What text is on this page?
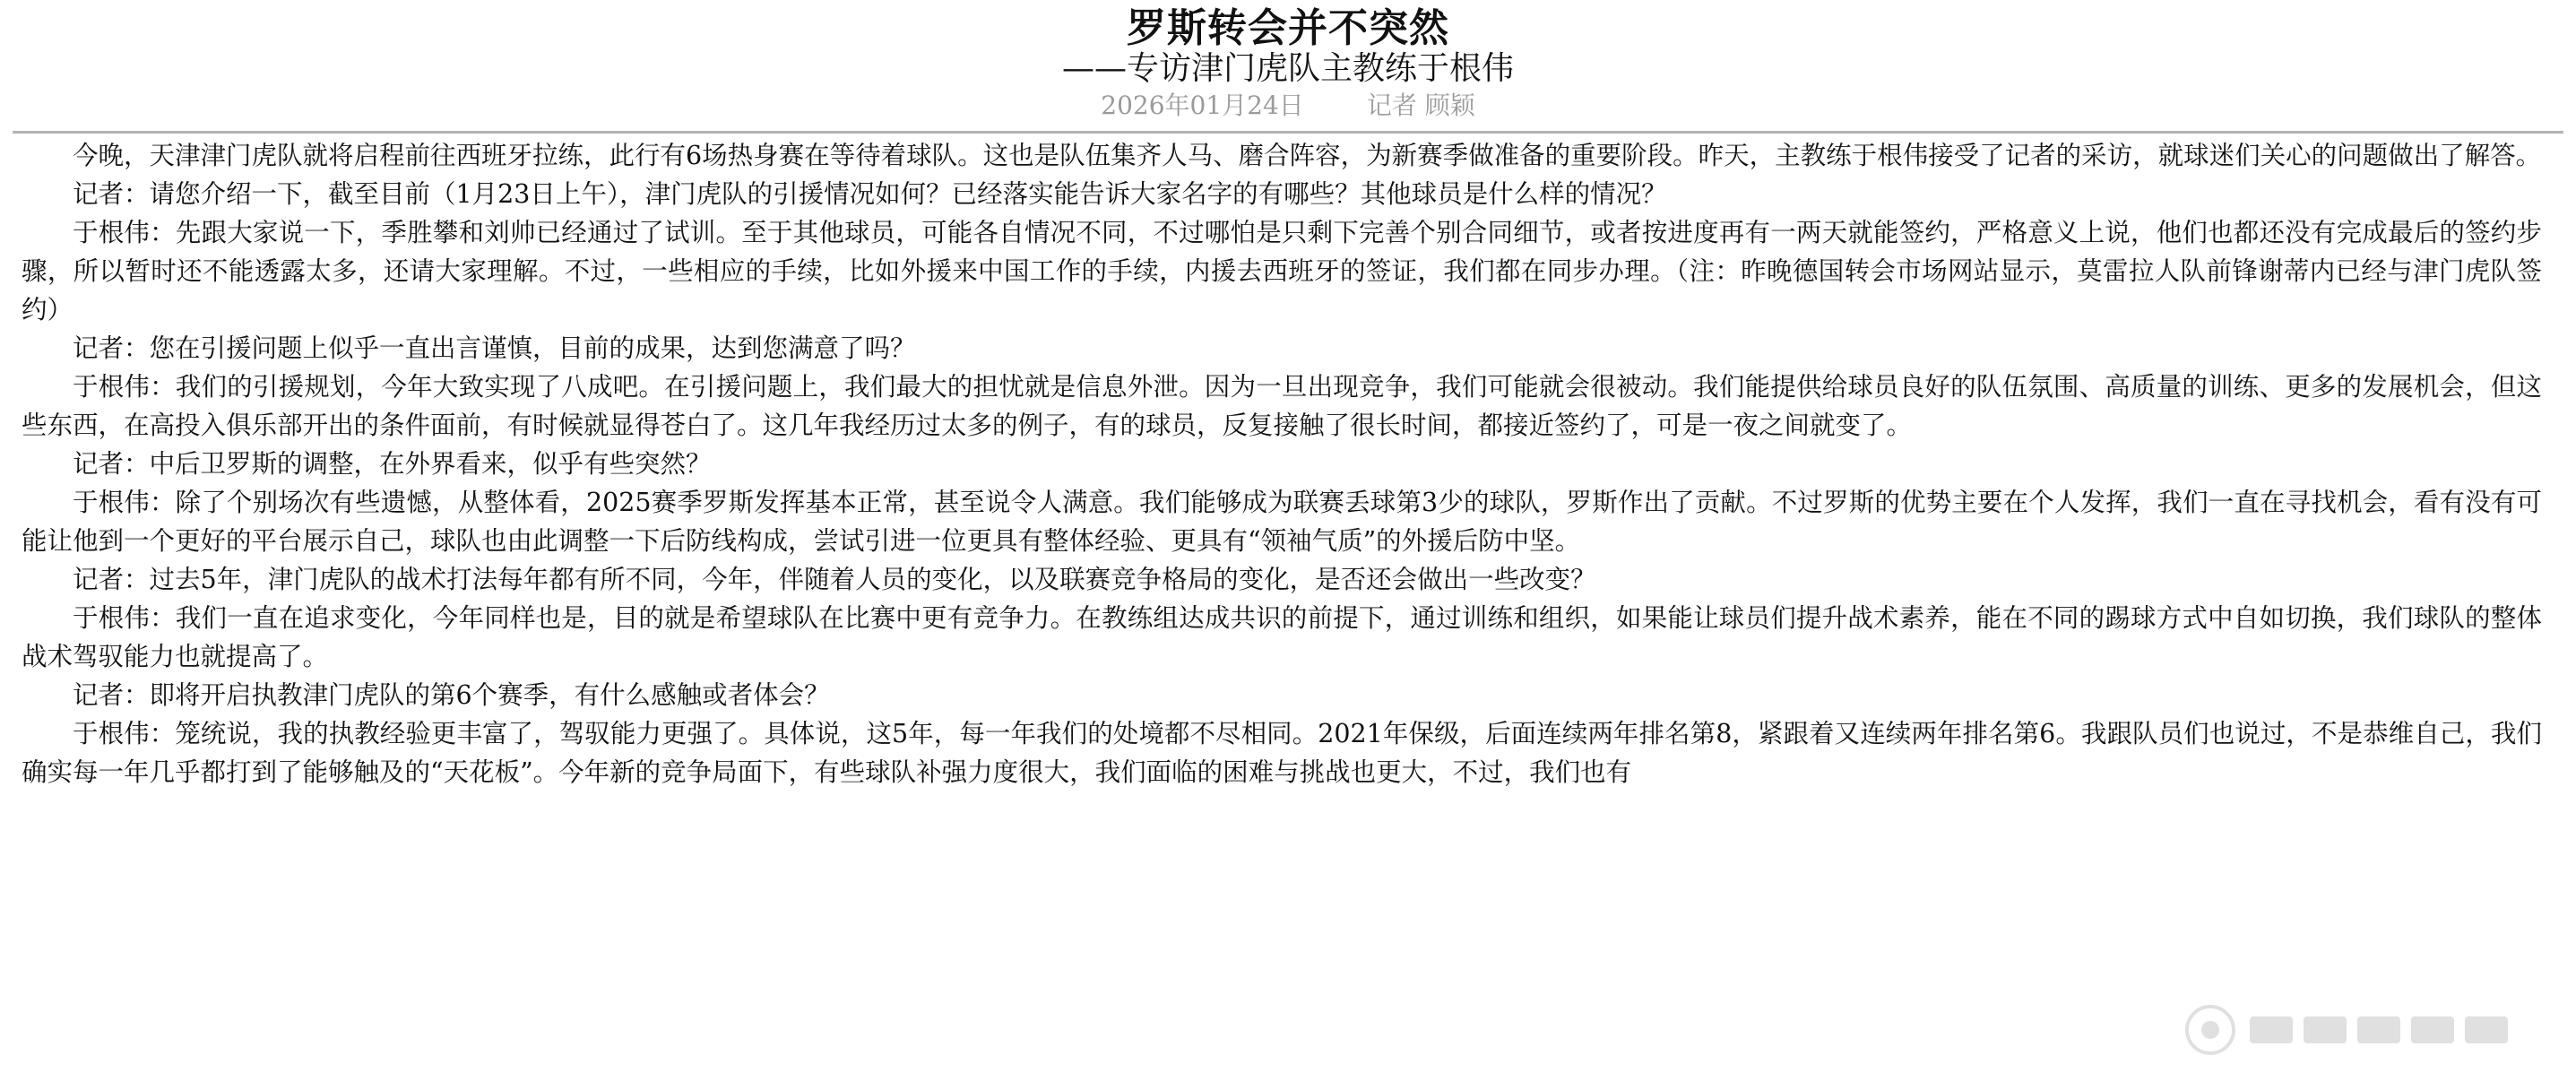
罗斯转会并不突然
——专访津门虎队主教练于根伟
2026年01月24日	记者 顾颖

今晚，天津津门虎队就将启程前往西班牙拉练，此行有6场热身赛在等待着球队。这也是队伍集齐人马、磨合阵容，为新赛季做准备的重要阶段。昨天，主教练于根伟接受了记者的采访，就球迷们关心的问题做出了解答。

记者：请您介绍一下，截至目前（1月23日上午），津门虎队的引援情况如何？已经落实能告诉大家名字的有哪些？其他球员是什么样的情况？

于根伟：先跟大家说一下，季胜攀和刘帅已经通过了试训。至于其他球员，可能各自情况不同，不过哪怕是只剩下完善个别合同细节，或者按进度再有一两天就能签约，严格意义上说，他们也都还没有完成最后的签约步骤，所以暂时还不能透露太多，还请大家理解。不过，一些相应的手续，比如外援来中国工作的手续，内援去西班牙的签证，我们都在同步办理。（注：昨晚德国转会市场网站显示，莫雷拉人队前锋谢蒂内已经与津门虎队签约）

记者：您在引援问题上似乎一直出言谨慎，目前的成果，达到您满意了吗？

于根伟：我们的引援规划，今年大致实现了八成吧。在引援问题上，我们最大的担忧就是信息外泄。因为一旦出现竞争，我们可能就会很被动。我们能提供给球员良好的队伍氛围、高质量的训练、更多的发展机会，但这些东西，在高投入俱乐部开出的条件面前，有时候就显得苍白了。这几年我经历过太多的例子，有的球员，反复接触了很长时间，都接近签约了，可是一夜之间就变了。

记者：中后卫罗斯的调整，在外界看来，似乎有些突然？

于根伟：除了个别场次有些遗憾，从整体看，2025赛季罗斯发挥基本正常，甚至说令人满意。我们能够成为联赛丢球第3少的球队，罗斯作出了贡献。不过罗斯的优势主要在个人发挥，我们一直在寻找机会，看有没有可能让他到一个更好的平台展示自己，球队也由此调整一下后防线构成，尝试引进一位更具有整体经验、更具有“领袖气质”的外援后防中坚。

记者：过去5年，津门虎队的战术打法每年都有所不同，今年，伴随着人员的变化，以及联赛竞争格局的变化，是否还会做出一些改变？

于根伟：我们一直在追求变化，今年同样也是，目的就是希望球队在比赛中更有竞争力。在教练组达成共识的前提下，通过训练和组织，如果能让球员们提升战术素养，能在不同的踢球方式中自如切换，我们球队的整体战术驾驭能力也就提高了。

记者：即将开启执教津门虎队的第6个赛季，有什么感触或者体会？

于根伟：笼统说，我的执教经验更丰富了，驾驭能力更强了。具体说，这5年，每一年我们的处境都不尽相同。2021年保级，后面连续两年排名第8，紧跟着又连续两年排名第6。我跟队员们也说过，不是恭维自己，我们确实每一年几乎都打到了能够触及的“天花板”。今年新的竞争局面下，有些球队补强力度很大，我们面临的困难与挑战也更大，不过，我们也有
